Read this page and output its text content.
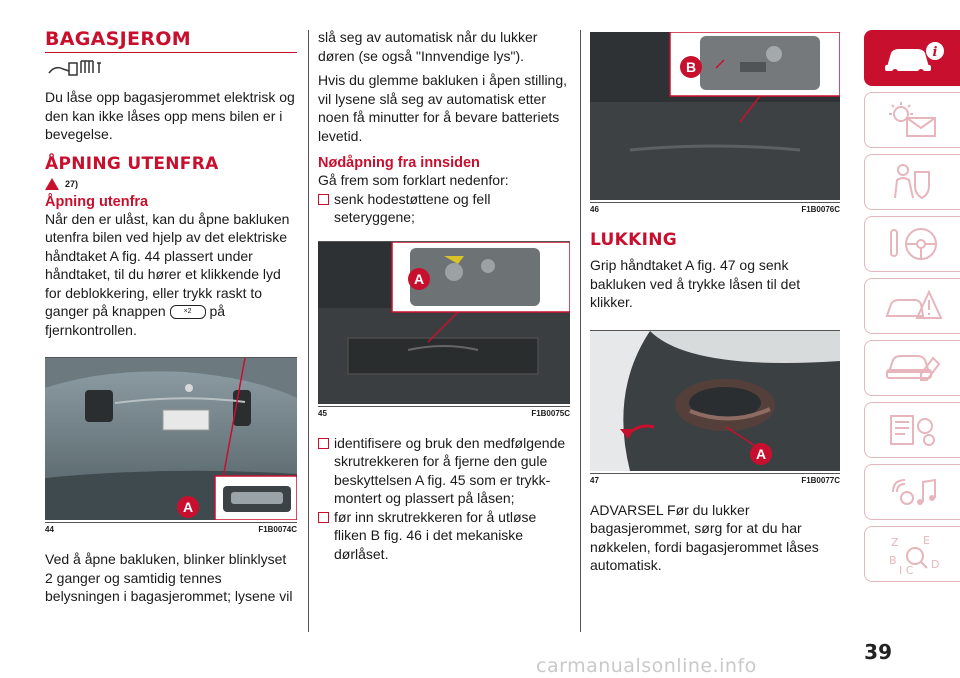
BAGASJEROM

Du låse opp bagasjerommet elektrisk og den kan ikke låses opp mens bilen er i bevegelse.

ÅPNING UTENFRA
27)
Åpning utenfra

Når den er ulåst, kan du åpne bakluken utenfra bilen ved hjelp av det elektriske håndtaket A fig. 44 plassert under håndtaket, til du hører et klikkende lyd for deblokkering, eller trykk raskt to ganger på knappen	×2 på fjernkontrollen.

A
44	F1B0074C

Ved å åpne bakluken, blinker blinklyset 2 ganger og samtidig tennes belysningen i bagasjerommet; lysene vil

slå seg av automatisk når du lukker døren (se også "Innvendige lys").

Hvis du glemme bakluken i åpen stilling, vil lysene slå seg av automatisk etter noen få minutter for å bevare batteriets levetid.

Nødåpning fra innsiden

Gå frem som forklart nedenfor:

senk hodestøttene og fell seteryggene;

A
45	F1B0075C

identifisere og bruk den medfølgende skrutrekkeren for å fjerne den gule beskyttelsen A fig. 45 som er trykk-montert og plassert på låsen;

før inn skrutrekkeren for å utløse fliken B fig. 46 i det mekaniske dørlåset.

B
46	F1B0076C
LUKKING

Grip håndtaket A fig. 47 og senk bakluken ved å trykke låsen til det klikker.

A
47	F1B0077C

ADVARSEL Før du lukker bagasjerommet, sørg for at du har nøkkelen, fordi bagasjerommet låses automatisk.

i
Z E
B
I C D
39
carmanualsonline.info
